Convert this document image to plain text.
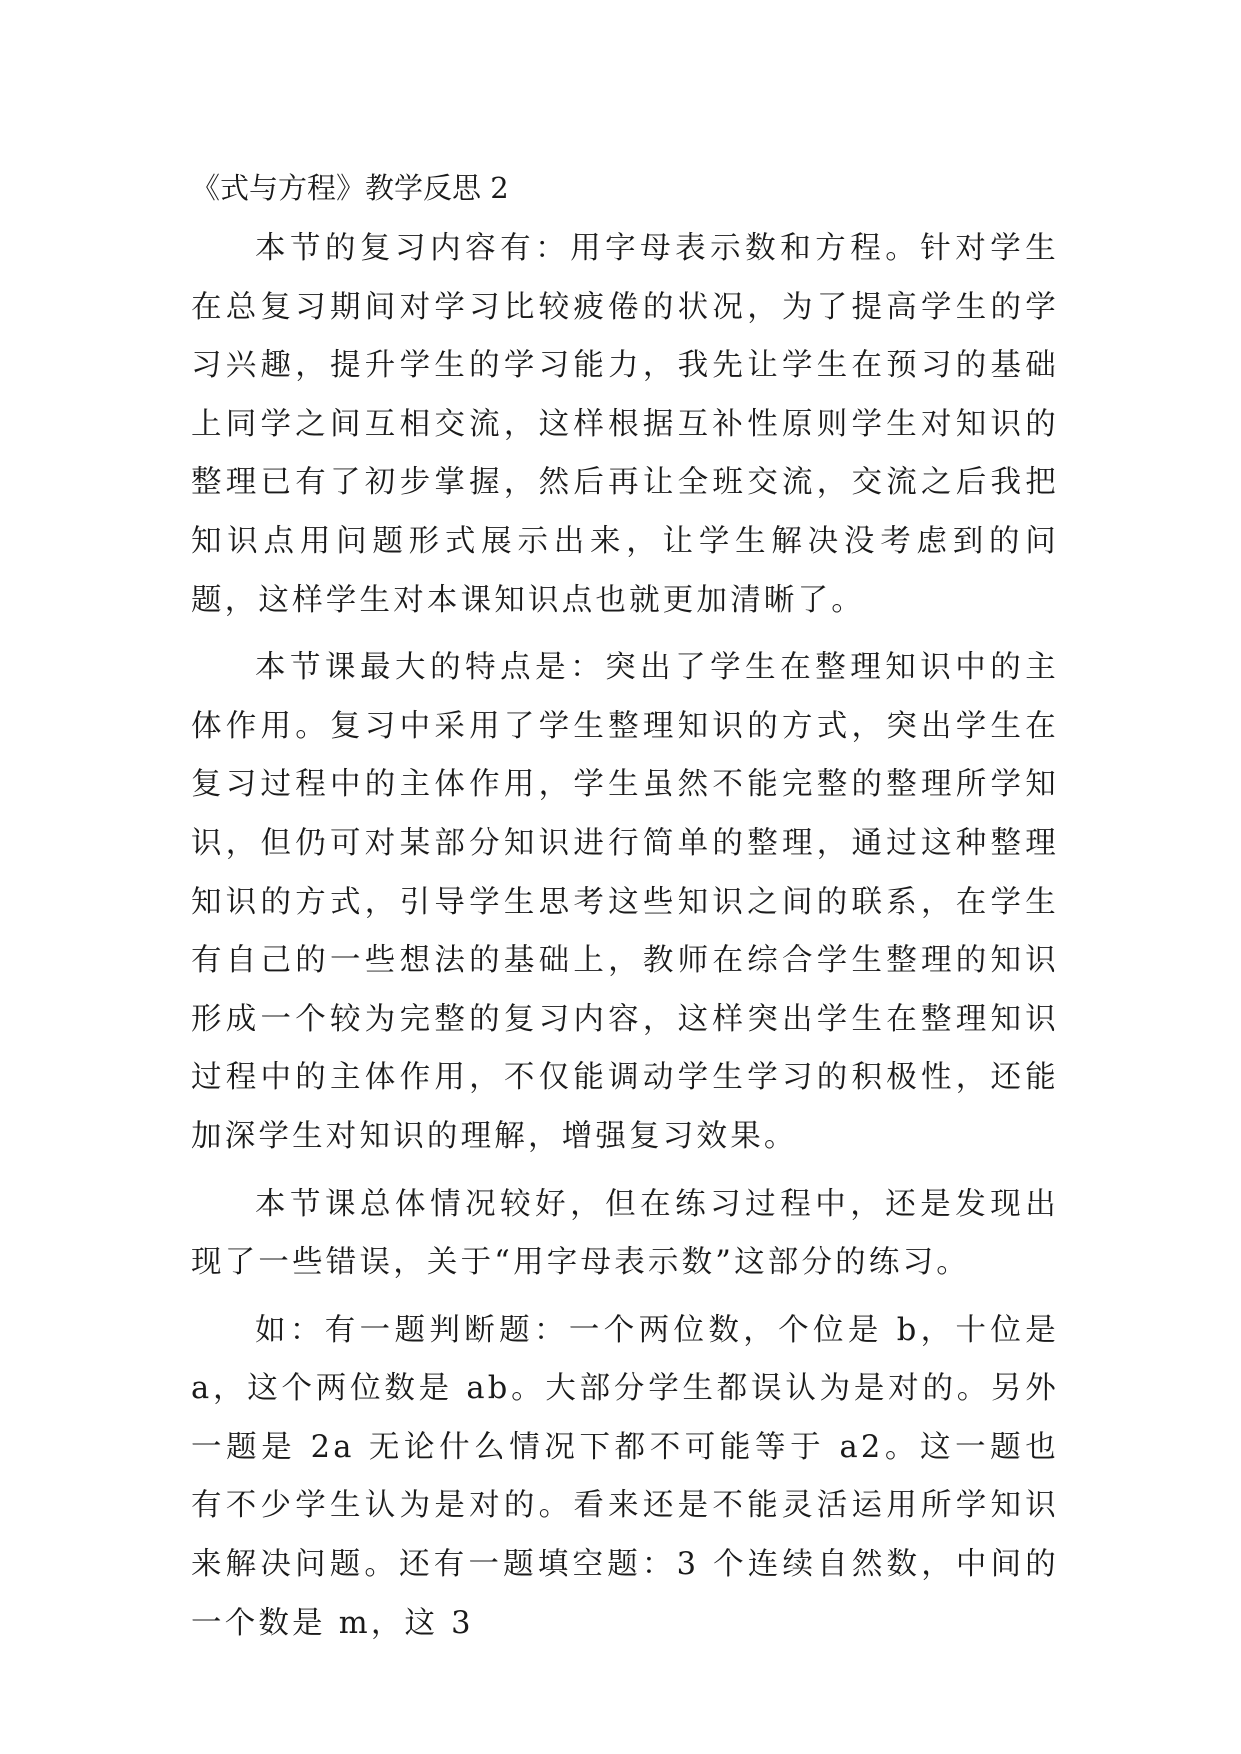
《式与方程》教学反思 2

本节的复习内容有：用字母表示数和方程。针对学生在总复习期间对学习比较疲倦的状况，为了提高学生的学习兴趣，提升学生的学习能力，我先让学生在预习的基础上同学之间互相交流，这样根据互补性原则学生对知识的整理已有了初步掌握，然后再让全班交流，交流之后我把知识点用问题形式展示出来，让学生解决没考虑到的问题，这样学生对本课知识点也就更加清晰了。

本节课最大的特点是：突出了学生在整理知识中的主体作用。复习中采用了学生整理知识的方式，突出学生在复习过程中的主体作用，学生虽然不能完整的整理所学知识，但仍可对某部分知识进行简单的整理，通过这种整理知识的方式，引导学生思考这些知识之间的联系，在学生有自己的一些想法的基础上，教师在综合学生整理的知识形成一个较为完整的复习内容，这样突出学生在整理知识过程中的主体作用，不仅能调动学生学习的积极性，还能加深学生对知识的理解，增强复习效果。

本节课总体情况较好，但在练习过程中，还是发现出现了一些错误，关于“用字母表示数”这部分的练习。

如：有一题判断题：一个两位数，个位是 b，十位是 a，这个两位数是 ab。大部分学生都误认为是对的。另外一题是 2a 无论什么情况下都不可能等于 a2。这一题也有不少学生认为是对的。看来还是不能灵活运用所学知识来解决问题。还有一题填空题：3 个连续自然数，中间的一个数是 m，这 3
